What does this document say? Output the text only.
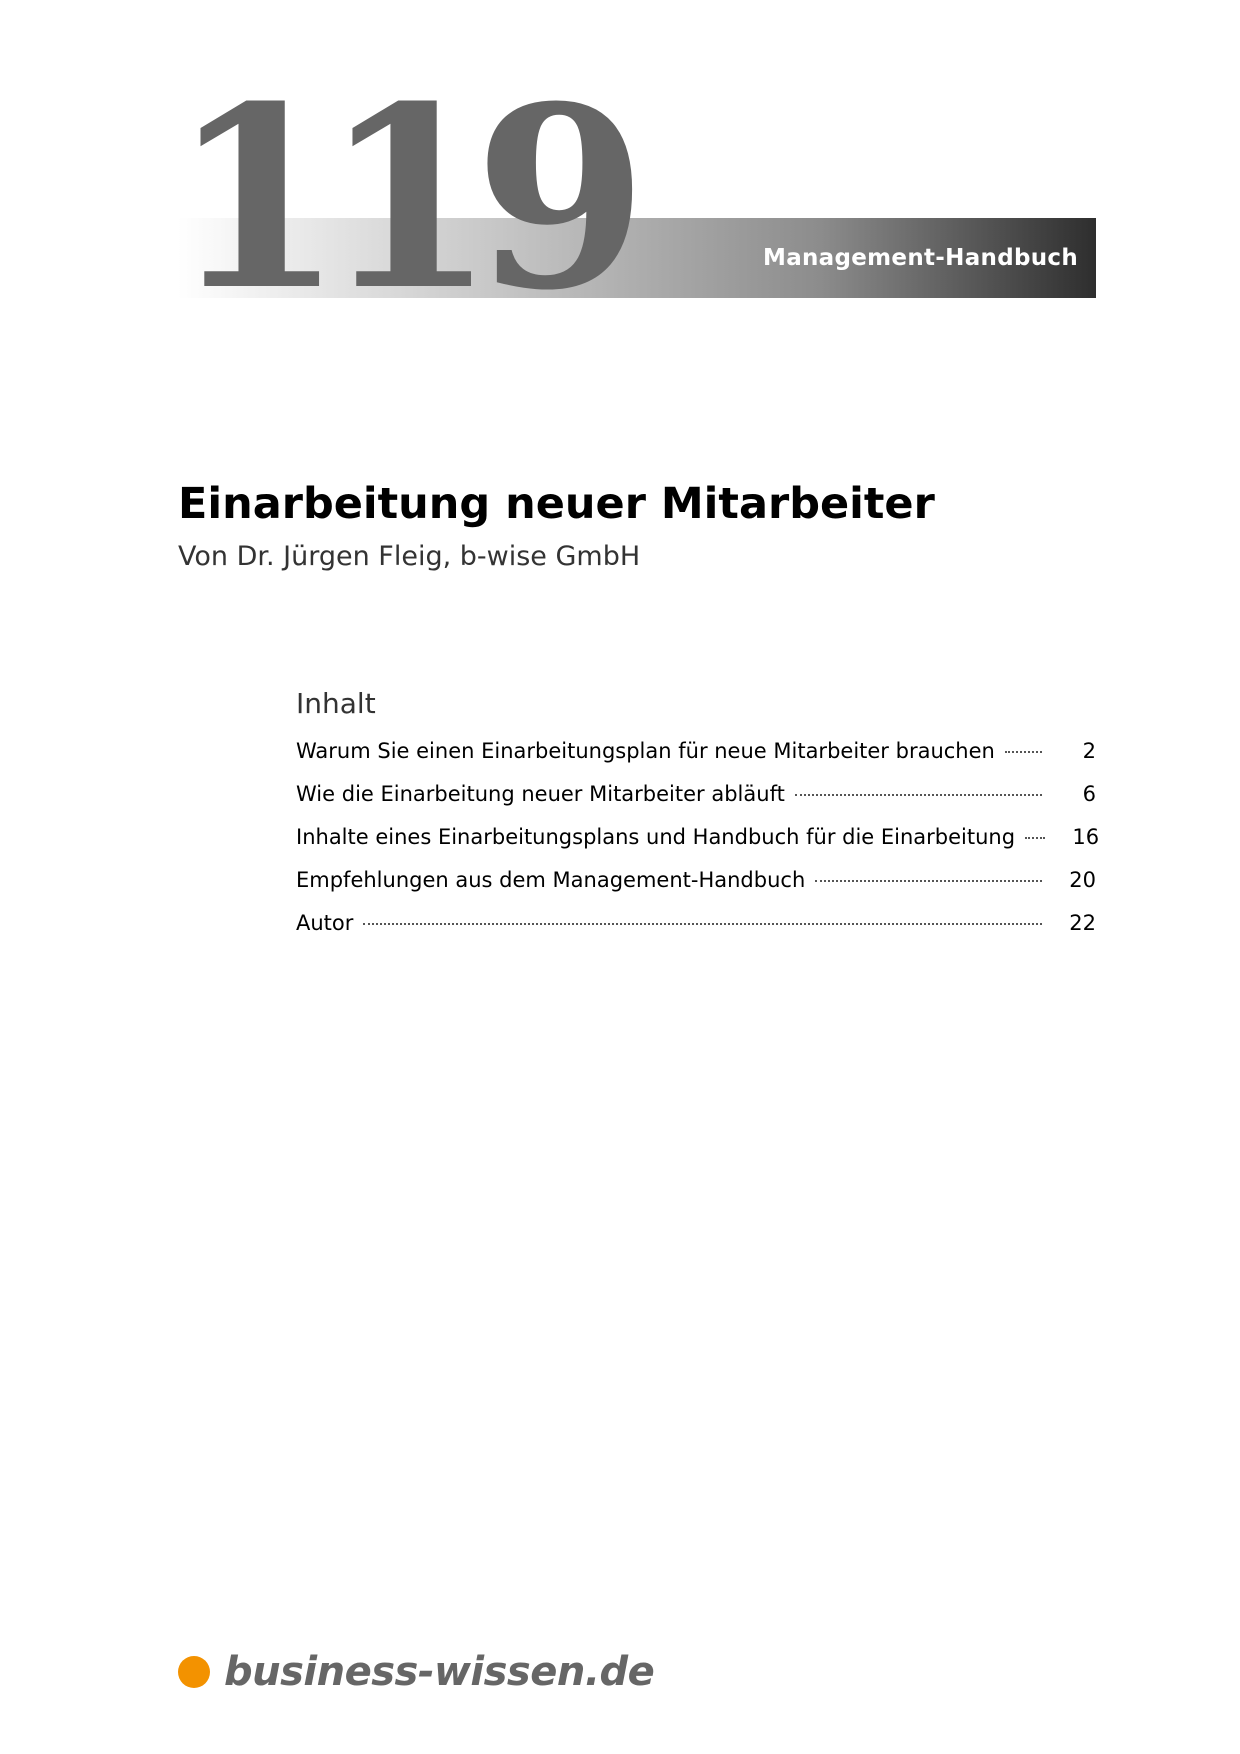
Management-Handbuch
119
Einarbeitung neuer Mitarbeiter
Von Dr. Jürgen Fleig, b-wise GmbH
Inhalt
Warum Sie einen Einarbeitungsplan für neue Mitarbeiter brauchen	2
Wie die Einarbeitung neuer Mitarbeiter abläuft	6
Inhalte eines Einarbeitungsplans und Handbuch für die Einarbeitung	16
Empfehlungen aus dem Management-Handbuch	20
Autor	22
business-wissen.de
